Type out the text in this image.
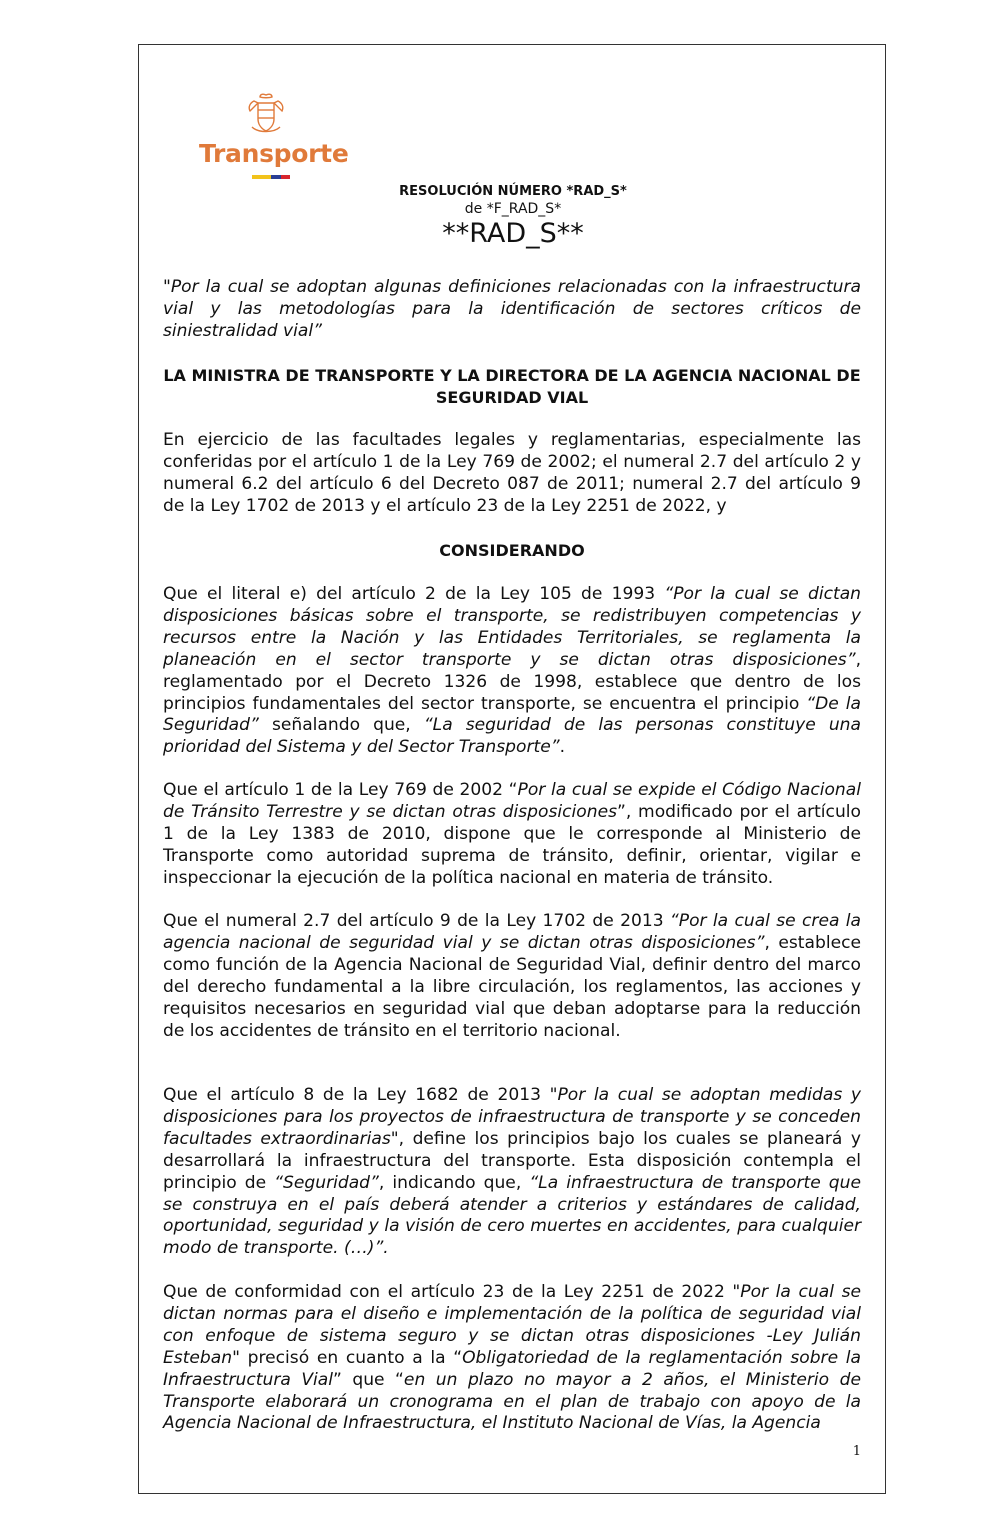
Transporte
RESOLUCIÓN NÚMERO *RAD_S*
de *F_RAD_S*
**RAD_S**

"Por la cual se adoptan algunas definiciones relacionadas con la infraestructura vial y las metodologías para la identificación de sectores críticos de siniestralidad vial”

LA MINISTRA DE TRANSPORTE Y LA DIRECTORA DE LA AGENCIA NACIONAL DE SEGURIDAD VIAL

En ejercicio de las facultades legales y reglamentarias, especialmente las conferidas por el artículo 1 de la Ley 769 de 2002; el numeral 2.7 del artículo 2 y numeral 6.2 del artículo 6 del Decreto 087 de 2011; numeral 2.7 del artículo 9 de la Ley 1702 de 2013 y el artículo 23 de la Ley 2251 de 2022, y

CONSIDERANDO

Que el literal e) del artículo 2 de la Ley 105 de 1993 “Por la cual se dictan disposiciones básicas sobre el transporte, se redistribuyen competencias y recursos entre la Nación y las Entidades Territoriales, se reglamenta la planeación en el sector transporte y se dictan otras disposiciones”, reglamentado por el Decreto 1326 de 1998, establece que dentro de los principios fundamentales del sector transporte, se encuentra el principio “De la Seguridad” señalando que, “La seguridad de las personas constituye una prioridad del Sistema y del Sector Transporte”.

Que el artículo 1 de la Ley 769 de 2002 “Por la cual se expide el Código Nacional de Tránsito Terrestre y se dictan otras disposiciones”, modificado por el artículo 1 de la Ley 1383 de 2010, dispone que le corresponde al Ministerio de Transporte como autoridad suprema de tránsito, definir, orientar, vigilar e inspeccionar la ejecución de la política nacional en materia de tránsito.

Que el numeral 2.7 del artículo 9 de la Ley 1702 de 2013 “Por la cual se crea la agencia nacional de seguridad vial y se dictan otras disposiciones”, establece como función de la Agencia Nacional de Seguridad Vial, definir dentro del marco del derecho fundamental a la libre circulación, los reglamentos, las acciones y requisitos necesarios en seguridad vial que deban adoptarse para la reducción de los accidentes de tránsito en el territorio nacional.

Que el artículo 8 de la Ley 1682 de 2013 "Por la cual se adoptan medidas y disposiciones para los proyectos de infraestructura de transporte y se conceden facultades extraordinarias", define los principios bajo los cuales se planeará y desarrollará la infraestructura del transporte. Esta disposición contempla el principio de “Seguridad”, indicando que, “La infraestructura de transporte que se construya en el país deberá atender a criterios y estándares de calidad, oportunidad, seguridad y la visión de cero muertes en accidentes, para cualquier modo de transporte. (…)”.

Que de conformidad con el artículo 23 de la Ley 2251 de 2022 "Por la cual se dictan normas para el diseño e implementación de la política de seguridad vial con enfoque de sistema seguro y se dictan otras disposiciones -Ley Julián Esteban" precisó en cuanto a la “Obligatoriedad de la reglamentación sobre la Infraestructura Vial” que “en un plazo no mayor a 2 años, el Ministerio de Transporte elaborará un cronograma en el plan de trabajo con apoyo de la Agencia Nacional de Infraestructura, el Instituto Nacional de Vías, la Agencia

1
